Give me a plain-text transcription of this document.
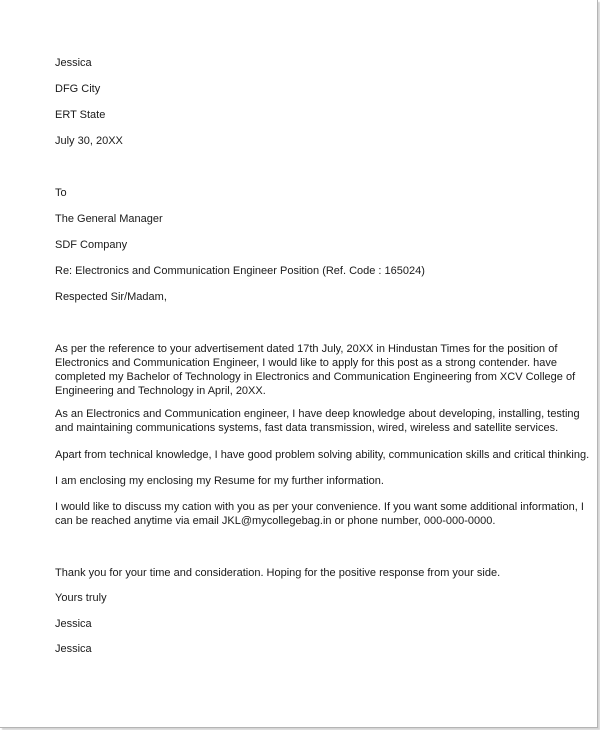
Jessica
DFG City
ERT State
July 30, 20XX
To
The General Manager
SDF Company
Re: Electronics and Communication Engineer Position (Ref. Code : 165024)
Respected Sir/Madam,
As per the reference to your advertisement dated 17th July, 20XX in Hindustan Times for the position of
Electronics and Communication Engineer, I would like to apply for this post as a strong contender. have
completed my Bachelor of Technology in Electronics and Communication Engineering from XCV College of
Engineering and Technology in April, 20XX.
As an Electronics and Communication engineer, I have deep knowledge about developing, installing, testing
and maintaining communications systems, fast data transmission, wired, wireless and satellite services.
Apart from technical knowledge, I have good problem solving ability, communication skills and critical thinking.
I am enclosing my enclosing my Resume for my further information.
I would like to discuss my cation with you as per your convenience. If you want some additional information, I
can be reached anytime via email JKL@mycollegebag.in or phone number, 000-000-0000.
Thank you for your time and consideration. Hoping for the positive response from your side.
Yours truly
Jessica
Jessica
